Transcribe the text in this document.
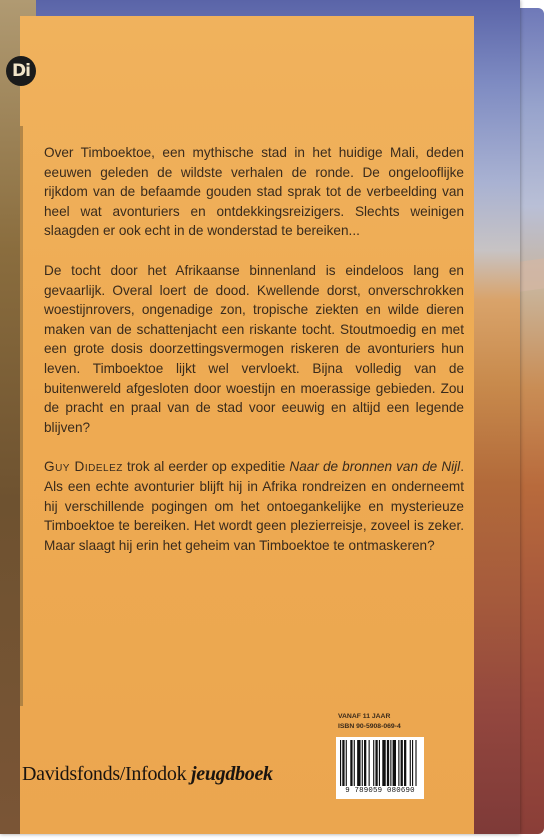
Di

Over Timboektoe, een mythische stad in het huidige Mali, deden eeuwen geleden de wildste verhalen de ronde. De ongelooflijke rijkdom van de befaamde gouden stad sprak tot de verbeelding van heel wat avonturiers en ontdekkingsreizigers. Slechts weinigen slaagden er ook echt in de wonderstad te bereiken...

De tocht door het Afrikaanse binnenland is eindeloos lang en gevaarlijk. Overal loert de dood. Kwellende dorst, onverschrokken woestijnrovers, ongenadige zon, tropische ziekten en wilde dieren maken van de schattenjacht een riskante tocht. Stoutmoedig en met een grote dosis doorzettingsvermogen riskeren de avonturiers hun leven. Timboektoe lijkt wel vervloekt. Bijna volledig van de buitenwereld afgesloten door woestijn en moerassige gebieden. Zou de pracht en praal van de stad voor eeuwig en altijd een legende blijven?

Guy Didelez trok al eerder op expeditie Naar de bronnen van de Nijl. Als een echte avonturier blijft hij in Afrika rondreizen en onderneemt hij verschillende pogingen om het ontoegankelijke en mysterieuze Timboektoe te bereiken. Het wordt geen plezierreisje, zoveel is zeker. Maar slaagt hij erin het geheim van Timboektoe te ontmaskeren?

Davidsfonds/Infodok jeugdboek
VANAF 11 JAAR
ISBN 90-5908-069-4
9 789059 080690
